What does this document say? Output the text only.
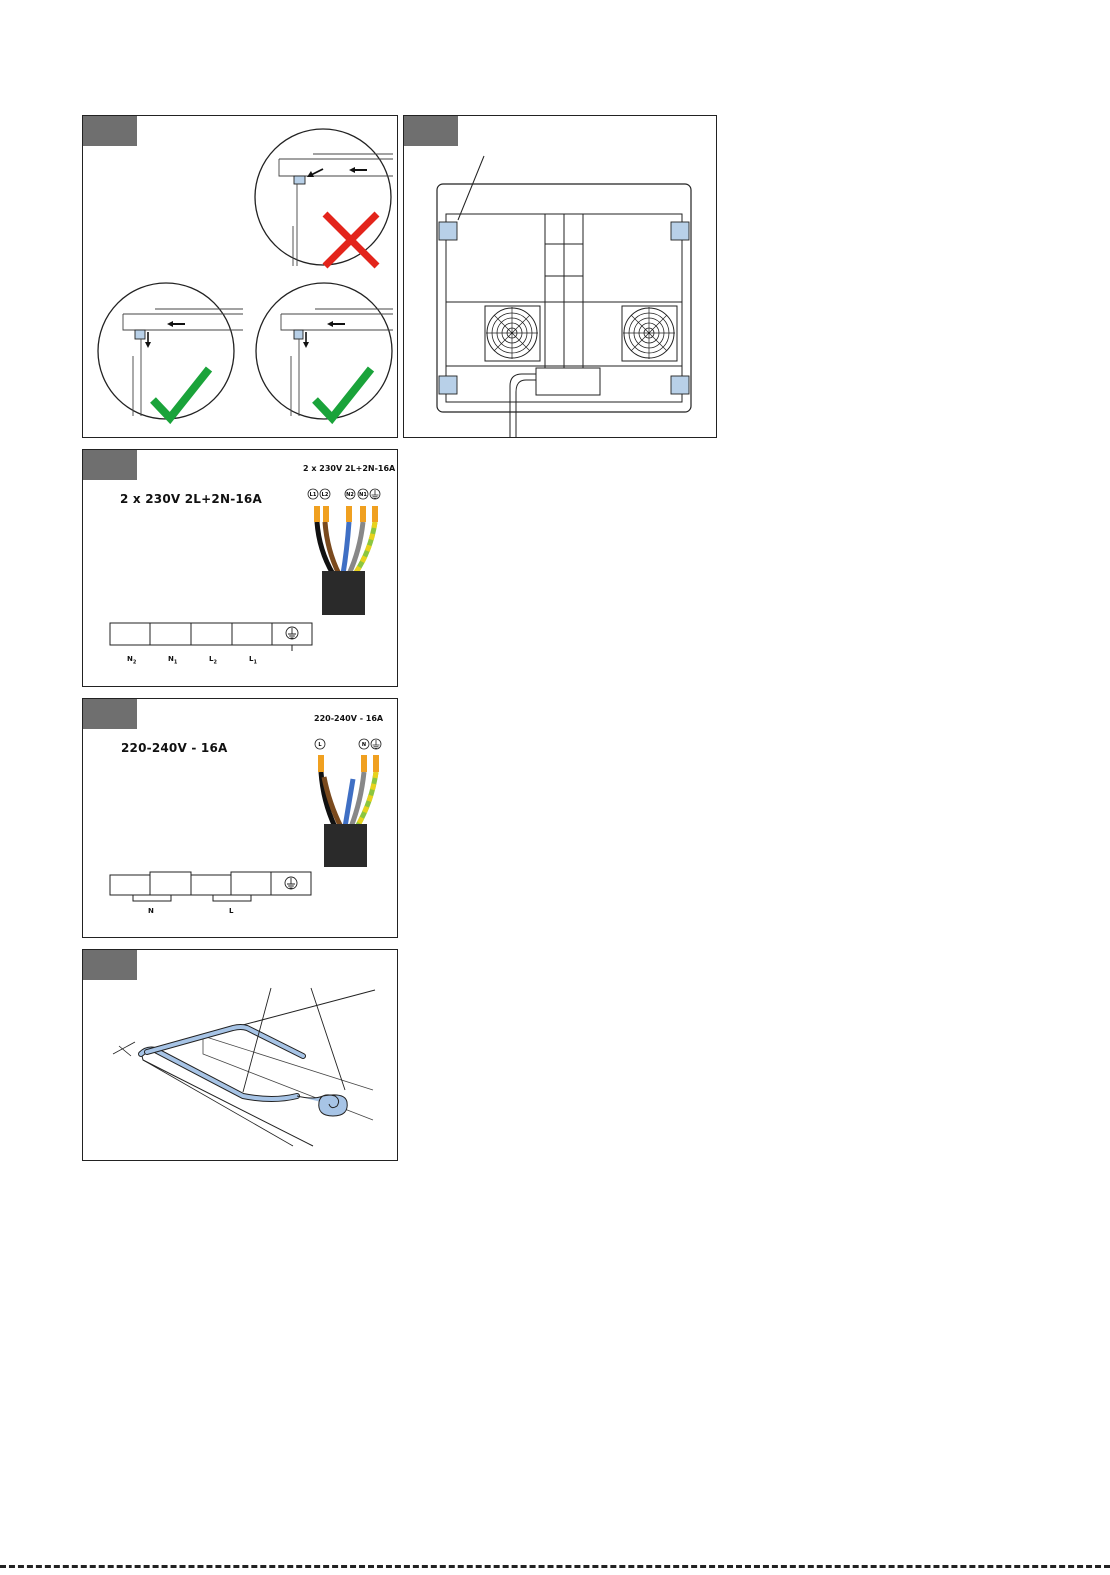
2 x 230V 2L+2N-16A
2 x 230V 2L+2N-16A
L1 L2	N2 N1
$N_2$	$N_1$	$L_2$	$L_1$
220-240V - 16A
220-240V - 16A
L	N
N	L
